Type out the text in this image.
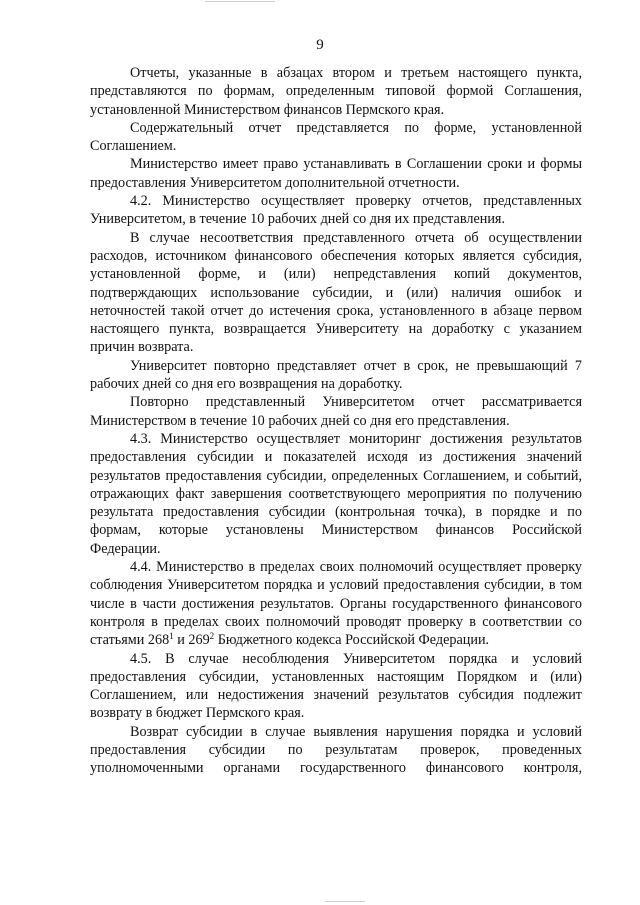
9

Отчеты, указанные в абзацах втором и третьем настоящего пункта, представляются по формам, определенным типовой формой Соглашения, установленной Министерством финансов Пермского края.

Содержательный отчет представляется по форме, установленной Соглашением.

Министерство имеет право устанавливать в Соглашении сроки и формы предоставления Университетом дополнительной отчетности.

4.2. Министерство осуществляет проверку отчетов, представленных Университетом, в течение 10 рабочих дней со дня их представления.

В случае несоответствия представленного отчета об осуществлении расходов, источником финансового обеспечения которых является субсидия, установленной форме, и (или) непредставления копий документов, подтверждающих использование субсидии, и (или) наличия ошибок и неточностей такой отчет до истечения срока, установленного в абзаце первом настоящего пункта, возвращается Университету на доработку с указанием причин возврата.

Университет повторно представляет отчет в срок, не превышающий 7 рабочих дней со дня его возвращения на доработку.

Повторно представленный Университетом отчет рассматривается Министерством в течение 10 рабочих дней со дня его представления.

4.3. Министерство осуществляет мониторинг достижения результатов предоставления субсидии и показателей исходя из достижения значений результатов предоставления субсидии, определенных Соглашением, и событий, отражающих факт завершения соответствующего мероприятия по получению результата предоставления субсидии (контрольная точка), в порядке и по формам, которые установлены Министерством финансов Российской Федерации.

4.4. Министерство в пределах своих полномочий осуществляет проверку соблюдения Университетом порядка и условий предоставления субсидии, в том числе в части достижения результатов. Органы государственного финансового контроля в пределах своих полномочий проводят проверку в соответствии со статьями $268^1$ и $269^2$ Бюджетного кодекса Российской Федерации.

4.5. В случае несоблюдения Университетом порядка и условий предоставления субсидии, установленных настоящим Порядком и (или) Соглашением, или недостижения значений результатов субсидия подлежит возврату в бюджет Пермского края.

Возврат субсидии в случае выявления нарушения порядка и условий предоставления субсидии по результатам проверок, проведенных уполномоченными органами государственного финансового контроля,
